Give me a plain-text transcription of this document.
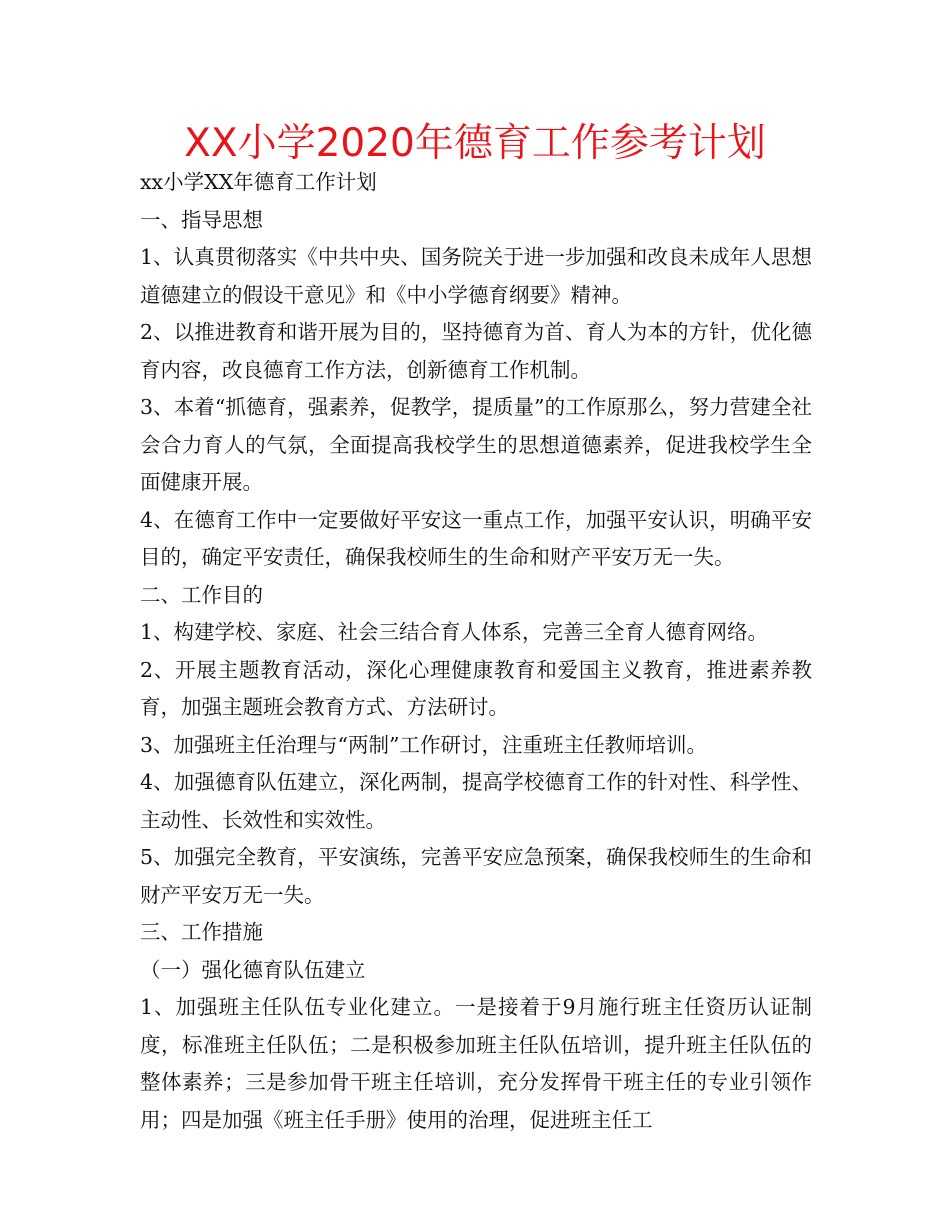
XX小学2020年德育工作参考计划

xx小学XX年德育工作计划

一、指导思想

1、认真贯彻落实《中共中央、国务院关于进一步加强和改良未成年人思想道德建立的假设干意见》和《中小学德育纲要》精神。

2、以推进教育和谐开展为目的，坚持德育为首、育人为本的方针，优化德育内容，改良德育工作方法，创新德育工作机制。

3、本着“抓德育，强素养，促教学，提质量”的工作原那么，努力营建全社会合力育人的气氛，全面提高我校学生的思想道德素养，促进我校学生全面健康开展。

4、在德育工作中一定要做好平安这一重点工作，加强平安认识，明确平安目的，确定平安责任，确保我校师生的生命和财产平安万无一失。

二、工作目的

1、构建学校、家庭、社会三结合育人体系，完善三全育人德育网络。

2、开展主题教育活动，深化心理健康教育和爱国主义教育，推进素养教育，加强主题班会教育方式、方法研讨。

3、加强班主任治理与“两制”工作研讨，注重班主任教师培训。

4、加强德育队伍建立，深化两制，提高学校德育工作的针对性、科学性、主动性、长效性和实效性。

5、加强完全教育，平安演练，完善平安应急预案，确保我校师生的生命和财产平安万无一失。

三、工作措施

（一）强化德育队伍建立

1、加强班主任队伍专业化建立。一是接着于9月施行班主任资历认证制度，标准班主任队伍；二是积极参加班主任队伍培训，提升班主任队伍的整体素养；三是参加骨干班主任培训，充分发挥骨干班主任的专业引领作用；四是加强《班主任手册》使用的治理，促进班主任工
